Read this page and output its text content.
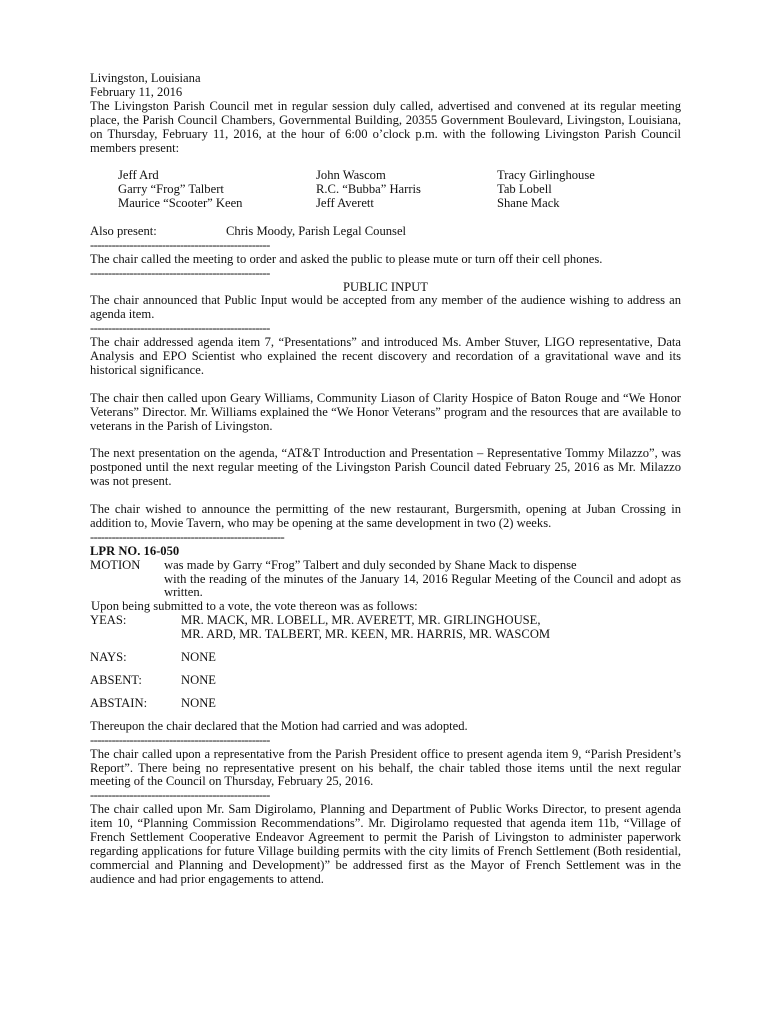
Livingston, Louisiana

February 11, 2016

The Livingston Parish Council met in regular session duly called, advertised and convened at its regular meeting place, the Parish Council Chambers, Governmental Building, 20355 Government Boulevard, Livingston, Louisiana, on Thursday, February 11, 2016, at the hour of 6:00 o’clock p.m. with the following Livingston Parish Council members present:

Jeff Ard	John Wascom	Tracy Girlinghouse
Garry “Frog” Talbert	R.C. “Bubba” Harris	Tab Lobell
Maurice “Scooter” Keen	Jeff Averett	Shane Mack
Also present:	Chris Moody, Parish Legal Counsel
--------------------------------------------------

The chair called the meeting to order and asked the public to please mute or turn off their cell phones.

--------------------------------------------------

PUBLIC INPUT

The chair announced that Public Input would be accepted from any member of the audience wishing to address an agenda item.

--------------------------------------------------

The chair addressed agenda item 7, “Presentations” and introduced Ms. Amber Stuver, LIGO representative, Data Analysis and EPO Scientist who explained the recent discovery and recordation of a gravitational wave and its historical significance.

The chair then called upon Geary Williams, Community Liason of Clarity Hospice of Baton Rouge and “We Honor Veterans” Director. Mr. Williams explained the “We Honor Veterans” program and the resources that are available to veterans in the Parish of Livingston.

The next presentation on the agenda, “AT&T Introduction and Presentation – Representative Tommy Milazzo”, was postponed until the next regular meeting of the Livingston Parish Council dated February 25, 2016 as Mr. Milazzo was not present.

The chair wished to announce the permitting of the new restaurant, Burgersmith, opening at Juban Crossing in addition to, Movie Tavern, who may be opening at the same development in two (2) weeks.

------------------------------------------------------

LPR NO. 16-050

MOTION	was made by Garry “Frog” Talbert and duly seconded by Shane Mack to dispense

with the reading of the minutes of the January 14, 2016 Regular Meeting of the Council and adopt as written.

Upon being submitted to a vote, the vote thereon was as follows:

YEAS:	MR. MACK, MR. LOBELL, MR. AVERETT, MR. GIRLINGHOUSE,
MR. ARD, MR. TALBERT, MR. KEEN, MR. HARRIS, MR. WASCOM
NAYS:	NONE
ABSENT:	NONE
ABSTAIN:	NONE

Thereupon the chair declared that the Motion had carried and was adopted.

--------------------------------------------------

The chair called upon a representative from the Parish President office to present agenda item 9, “Parish President’s Report”. There being no representative present on his behalf, the chair tabled those items until the next regular meeting of the Council on Thursday, February 25, 2016.

--------------------------------------------------

The chair called upon Mr. Sam Digirolamo, Planning and Department of Public Works Director, to present agenda item 10, “Planning Commission Recommendations”. Mr. Digirolamo requested that agenda item 11b, “Village of French Settlement Cooperative Endeavor Agreement to permit the Parish of Livingston to administer paperwork regarding applications for future Village building permits with the city limits of French Settlement (Both residential, commercial and Planning and Development)” be addressed first as the Mayor of French Settlement was in the audience and had prior engagements to attend.
